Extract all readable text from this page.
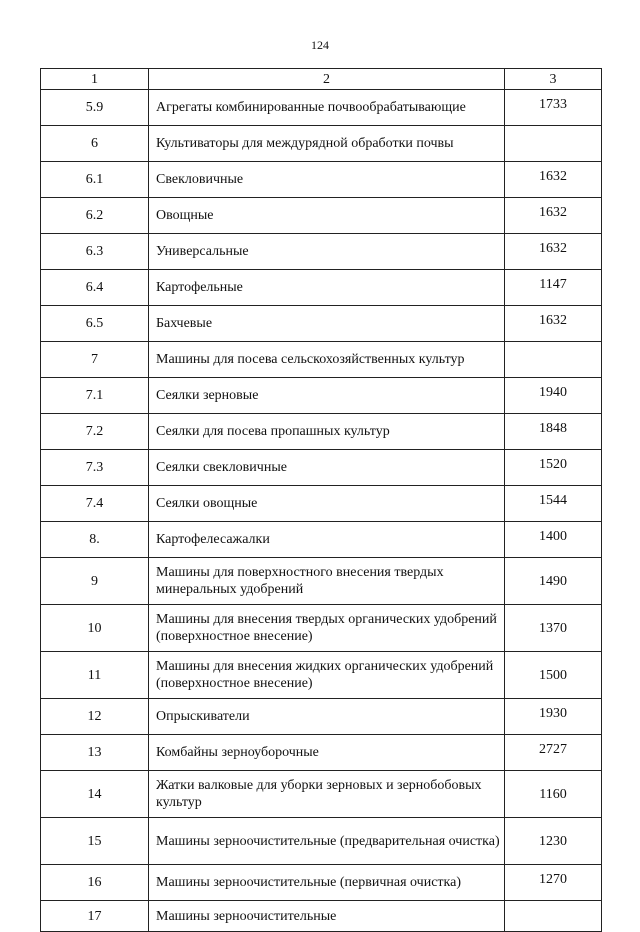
124
1	2	3
5.9	Агрегаты комбинированные почвообрабатывающие	1733
6	Культиваторы для междурядной обработки почвы	
6.1	Свекловичные	1632
6.2	Овощные	1632
6.3	Универсальные	1632
6.4	Картофельные	1147
6.5	Бахчевые	1632
7	Машины для посева сельскохозяйственных культур	
7.1	Сеялки зерновые	1940
7.2	Сеялки для посева пропашных культур	1848
7.3	Сеялки свекловичные	1520
7.4	Сеялки овощные	1544
8.	Картофелесажалки	1400
9	Машины для поверхностного внесения твердых минеральных удобрений	1490
10	Машины для внесения твердых органических удобрений (поверхностное внесение)	1370
11	Машины для внесения жидких органических удобрений (поверхностное внесение)	1500
12	Опрыскиватели	1930
13	Комбайны зерноуборочные	2727
14	Жатки валковые для уборки зерновых и зернобобовых культур	1160
15	Машины зерноочистительные (предварительная очистка)	1230
16	Машины зерноочистительные (первичная очистка)	1270
17	Машины зерноочистительные	
